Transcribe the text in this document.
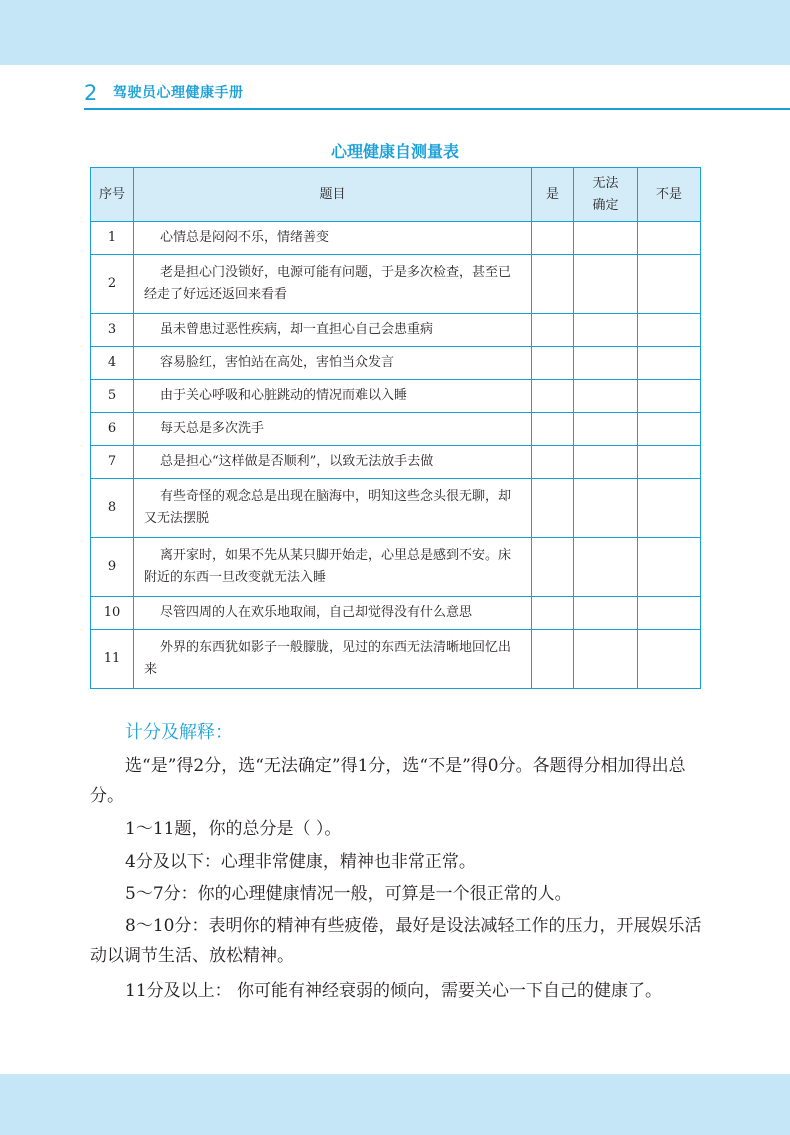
2 驾驶员心理健康手册
心理健康自测量表
序号	题目	是	无法确定	不是
1	心情总是闷闷不乐，情绪善变			
2	老是担心门没锁好，电源可能有问题，于是多次检查，甚至已经走了好远还返回来看看			
3	虽未曾患过恶性疾病，却一直担心自己会患重病			
4	容易脸红，害怕站在高处，害怕当众发言			
5	由于关心呼吸和心脏跳动的情况而难以入睡			
6	每天总是多次洗手			
7	总是担心“这样做是否顺利”，以致无法放手去做			
8	有些奇怪的观念总是出现在脑海中，明知这些念头很无聊，却又无法摆脱			
9	离开家时，如果不先从某只脚开始走，心里总是感到不安。床附近的东西一旦改变就无法入睡			
10	尽管四周的人在欢乐地取闹，自己却觉得没有什么意思			
11	外界的东西犹如影子一般朦胧，见过的东西无法清晰地回忆出来			
计分及解释：

选“是”得2分，选“无法确定”得1分，选“不是”得0分。各题得分相加得出总分。

1～11题，你的总分是（ ）。

4分及以下：心理非常健康，精神也非常正常。

5～7分：你的心理健康情况一般，可算是一个很正常的人。

8～10分：表明你的精神有些疲倦，最好是设法减轻工作的压力，开展娱乐活动以调节生活、放松精神。

11分及以上： 你可能有神经衰弱的倾向，需要关心一下自己的健康了。
